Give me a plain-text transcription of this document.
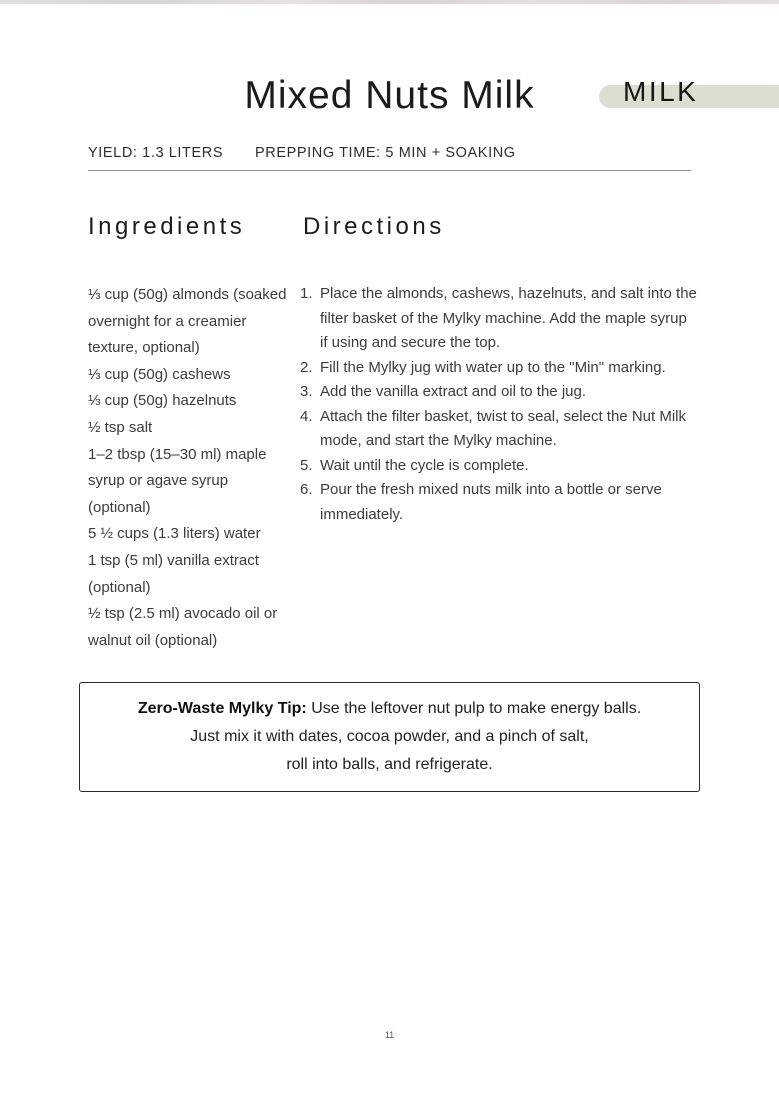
Mixed Nuts Milk	MILK
YIELD: 1.3 LITERS	PREPPING TIME: 5 MIN + SOAKING
Ingredients
⅓ cup (50g) almonds (soaked overnight for a creamier texture, optional)
⅓ cup (50g) cashews
⅓ cup (50g) hazelnuts
½ tsp salt
1–2 tbsp (15–30 ml) maple syrup or agave syrup (optional)
5 ½ cups (1.3 liters) water
1 tsp (5 ml) vanilla extract (optional)
½ tsp (2.5 ml) avocado oil or walnut oil (optional)
Directions
Place the almonds, cashews, hazelnuts, and salt into the filter basket of the Mylky machine. Add the maple syrup if using and secure the top.
Fill the Mylky jug with water up to the "Min" marking.
Add the vanilla extract and oil to the jug.
Attach the filter basket, twist to seal, select the Nut Milk mode, and start the Mylky machine.
Wait until the cycle is complete.
Pour the fresh mixed nuts milk into a bottle or serve immediately.
Zero-Waste Mylky Tip: Use the leftover nut pulp to make energy balls.
Just mix it with dates, cocoa powder, and a pinch of salt,
roll into balls, and refrigerate.
11
